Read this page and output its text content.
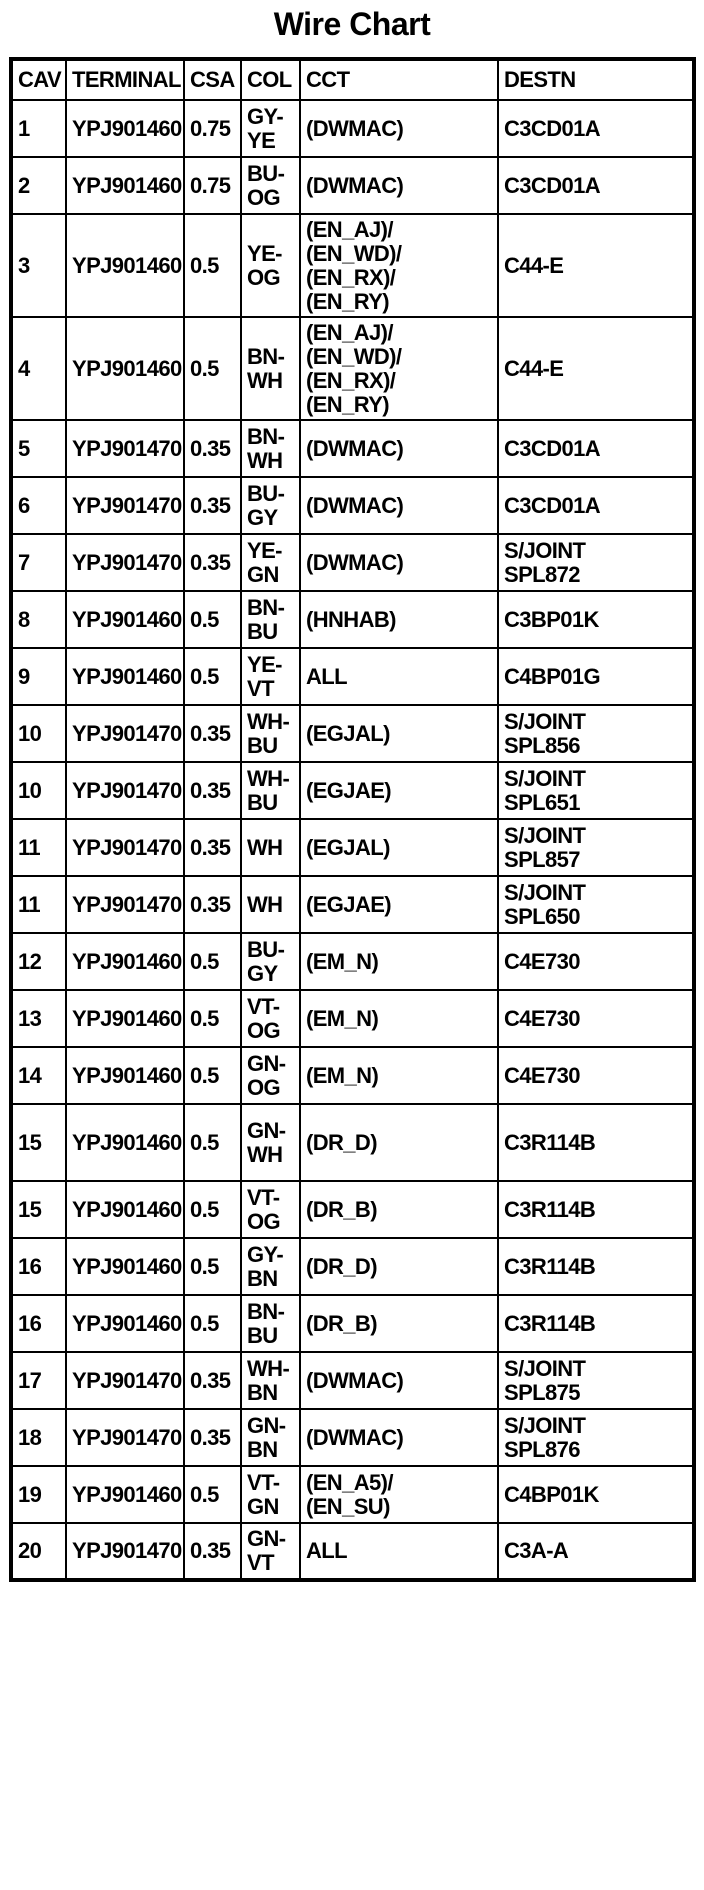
Wire Chart
CAV	TERMINAL	CSA	COL	CCT	DESTN
1	YPJ901460	0.75	GY-
YE	(DWMAC)	C3CD01A
2	YPJ901460	0.75	BU-
OG	(DWMAC)	C3CD01A
3	YPJ901460	0.5	YE-
OG	(EN_AJ)/
(EN_WD)/
(EN_RX)/
(EN_RY)	C44-E
4	YPJ901460	0.5	BN-
WH	(EN_AJ)/
(EN_WD)/
(EN_RX)/
(EN_RY)	C44-E
5	YPJ901470	0.35	BN-
WH	(DWMAC)	C3CD01A
6	YPJ901470	0.35	BU-
GY	(DWMAC)	C3CD01A
7	YPJ901470	0.35	YE-
GN	(DWMAC)	S/JOINT
SPL872
8	YPJ901460	0.5	BN-
BU	(HNHAB)	C3BP01K
9	YPJ901460	0.5	YE-
VT	ALL	C4BP01G
10	YPJ901470	0.35	WH-
BU	(EGJAL)	S/JOINT
SPL856
10	YPJ901470	0.35	WH-
BU	(EGJAE)	S/JOINT
SPL651
11	YPJ901470	0.35	WH	(EGJAL)	S/JOINT
SPL857
11	YPJ901470	0.35	WH	(EGJAE)	S/JOINT
SPL650
12	YPJ901460	0.5	BU-
GY	(EM_N)	C4E730
13	YPJ901460	0.5	VT-
OG	(EM_N)	C4E730
14	YPJ901460	0.5	GN-
OG	(EM_N)	C4E730
15	YPJ901460	0.5	GN-
WH	(DR_D)	C3R114B
15	YPJ901460	0.5	VT-
OG	(DR_B)	C3R114B
16	YPJ901460	0.5	GY-
BN	(DR_D)	C3R114B
16	YPJ901460	0.5	BN-
BU	(DR_B)	C3R114B
17	YPJ901470	0.35	WH-
BN	(DWMAC)	S/JOINT
SPL875
18	YPJ901470	0.35	GN-
BN	(DWMAC)	S/JOINT
SPL876
19	YPJ901460	0.5	VT-
GN	(EN_A5)/
(EN_SU)	C4BP01K
20	YPJ901470	0.35	GN-
VT	ALL	C3A-A
